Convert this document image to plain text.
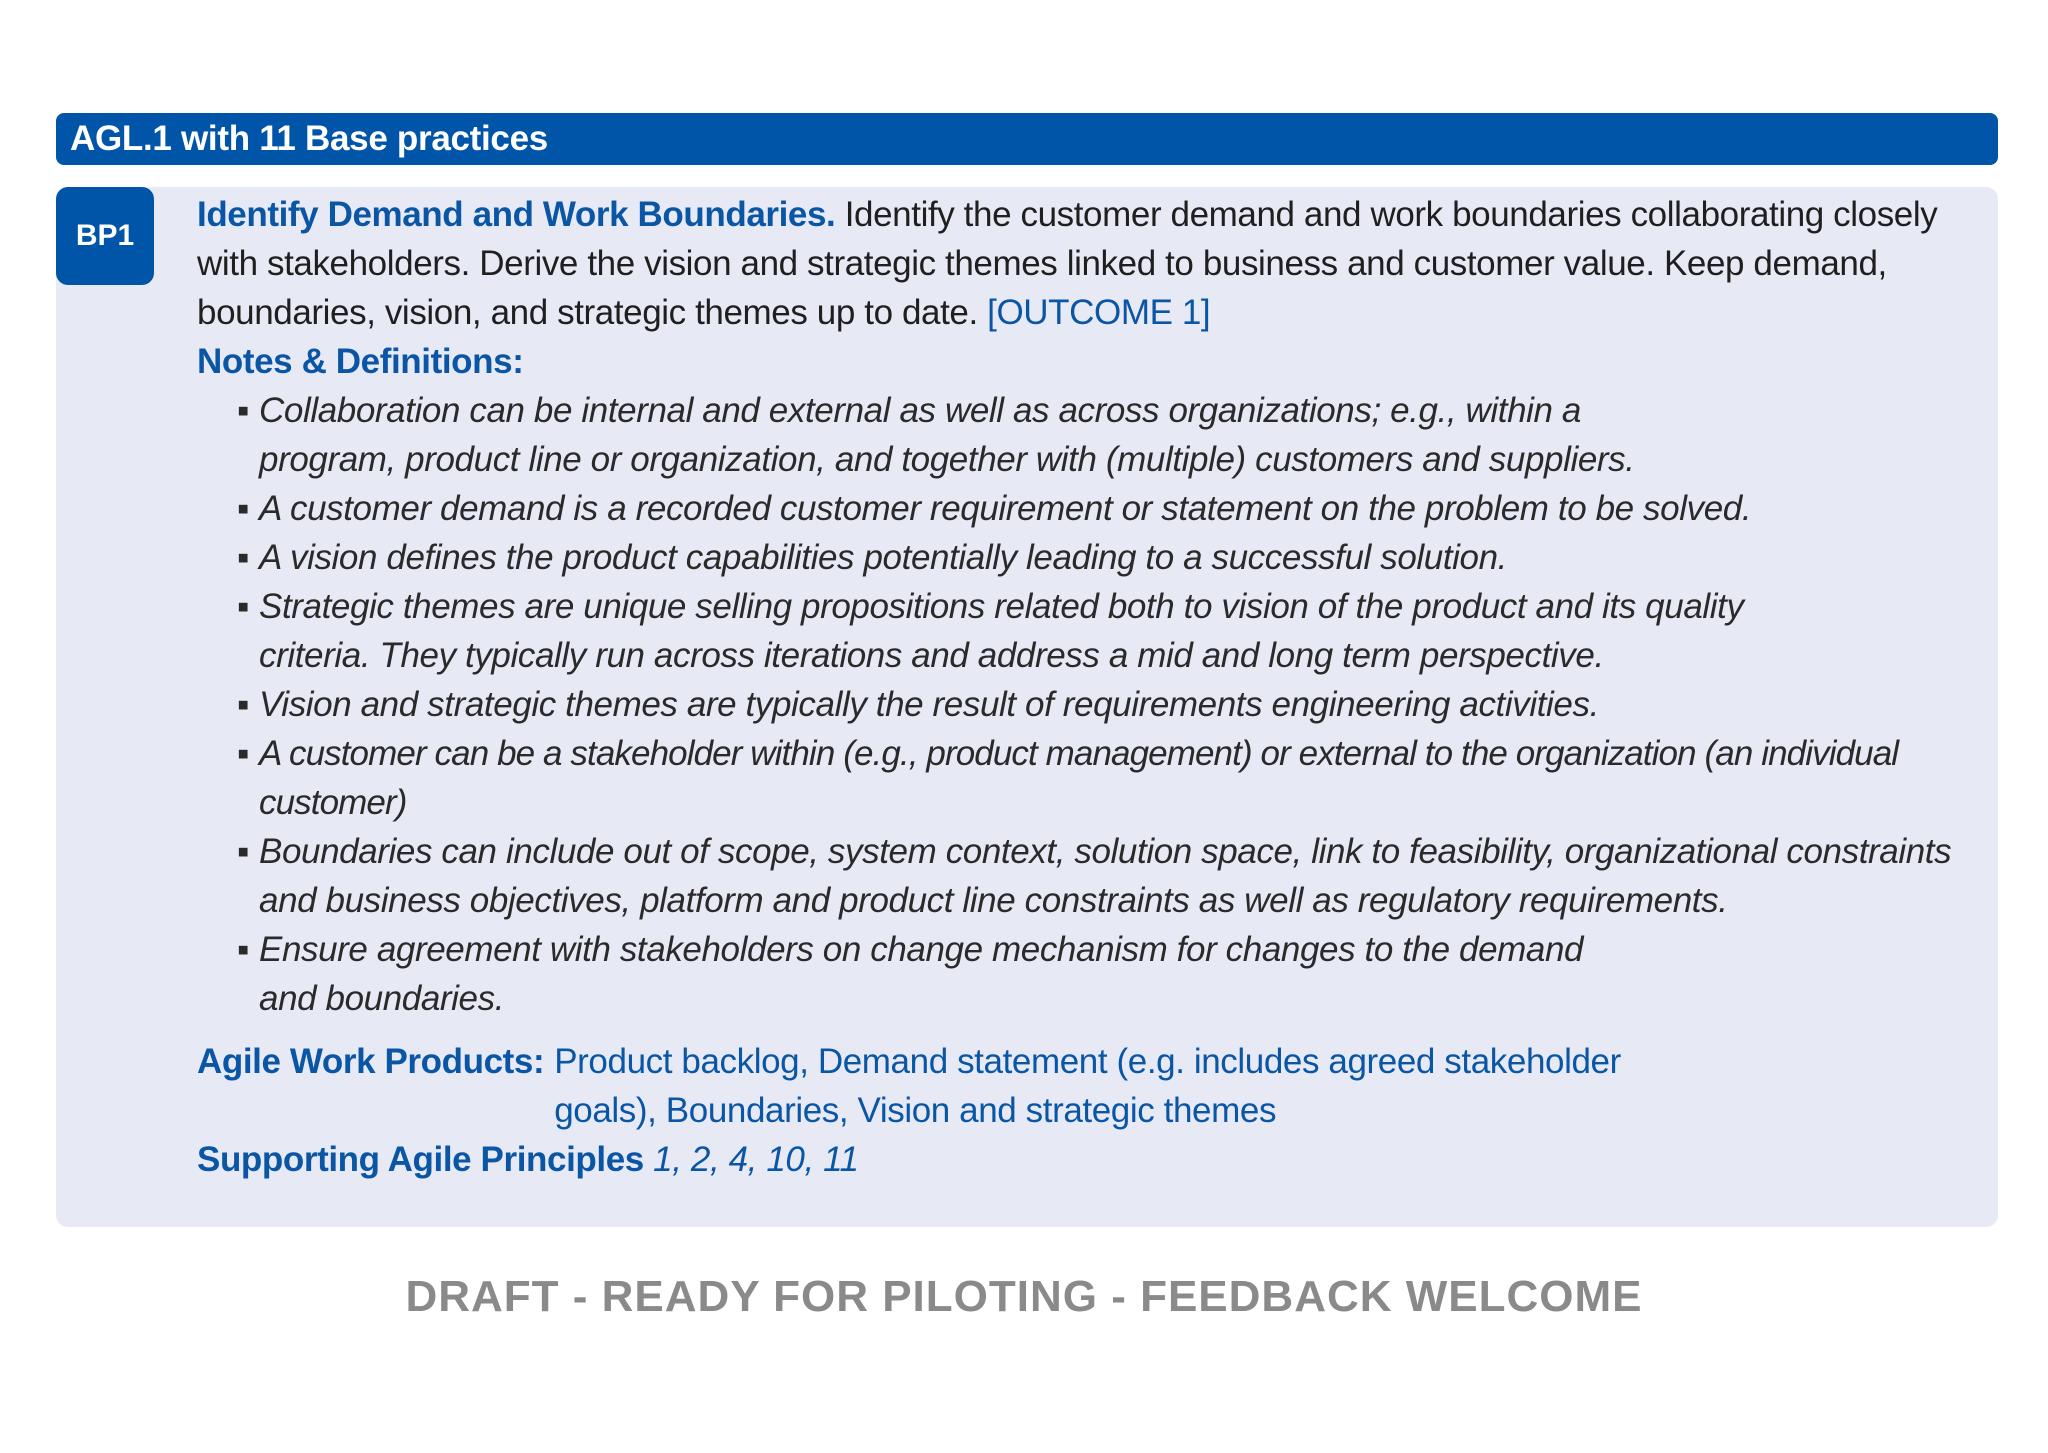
AGL.1 with 11 Base practices
BP1

Identify Demand and Work Boundaries. Identify the customer demand and work boundaries collaborating closely with stakeholders. Derive the vision and strategic themes linked to business and customer value. Keep demand, boundaries, vision, and strategic themes up to date. [OUTCOME 1]

Notes & Definitions:

▪ Collaboration can be internal and external as well as across organizations; e.g., within a program, product line or organization, and together with (multiple) customers and suppliers.
▪ A customer demand is a recorded customer requirement or statement on the problem to be solved.
▪ A vision defines the product capabilities potentially leading to a successful solution.
▪ Strategic themes are unique selling propositions related both to vision of the product and its quality criteria. They typically run across iterations and address a mid and long term perspective.
▪ Vision and strategic themes are typically the result of requirements engineering activities.
▪ A customer can be a stakeholder within (e.g., product management) or external to the organization (an individual customer)
▪ Boundaries can include out of scope, system context, solution space, link to feasibility, organizational constraints and business objectives, platform and product line constraints as well as regulatory requirements.
▪ Ensure agreement with stakeholders on change mechanism for changes to the demand and boundaries.
Agile Work Products: Product backlog, Demand statement (e.g. includes agreed stakeholder goals), Boundaries, Vision and strategic themes

Supporting Agile Principles 1, 2, 4, 10, 11

DRAFT - READY FOR PILOTING - FEEDBACK WELCOME
